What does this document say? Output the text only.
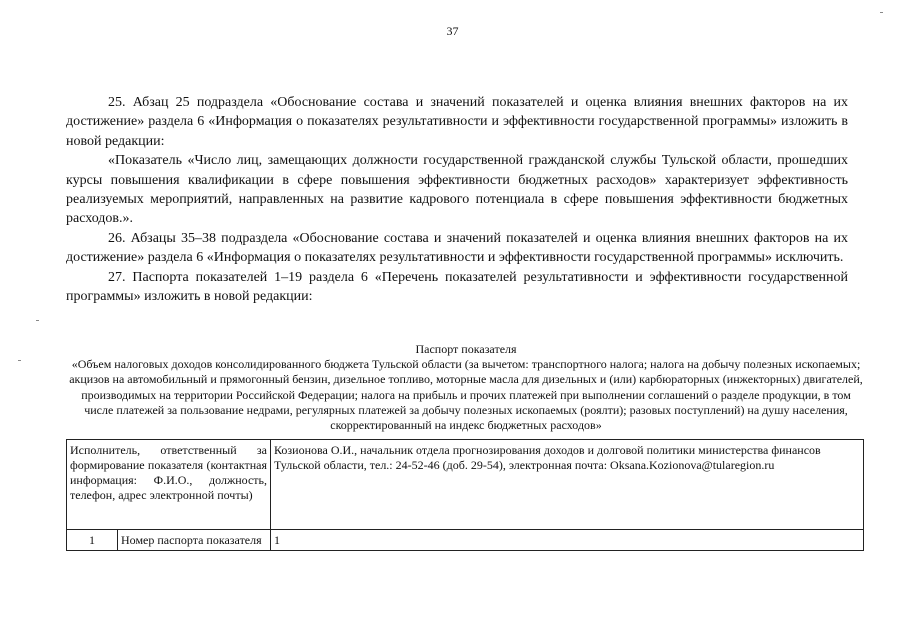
37

25. Абзац 25 подраздела «Обоснование состава и значений показателей и оценка влияния внешних факторов на их достижение» раздела 6 «Информация о показателях результативности и эффективности государственной программы» изложить в новой редакции:

«Показатель «Число лиц, замещающих должности государственной гражданской службы Тульской области, прошедших курсы повышения квалификации в сфере повышения эффективности бюджетных расходов» характеризует эффективность реализуемых мероприятий, направленных на развитие кадрового потенциала в сфере повышения эффективности бюджетных расходов.».

26. Абзацы 35–38 подраздела «Обоснование состава и значений показателей и оценка влияния внешних факторов на их достижение» раздела 6 «Информация о показателях результативности и эффективности государственной программы» исключить.

27. Паспорта показателей 1–19 раздела 6 «Перечень показателей результативности и эффективности государственной программы» изложить в новой редакции:

Паспорт показателя
«Объем налоговых доходов консолидированного бюджета Тульской области (за вычетом: транспортного налога; налога на добычу полезных ископаемых; акцизов на автомобильный и прямогонный бензин, дизельное топливо, моторные масла для дизельных и (или) карбюраторных (инжекторных) двигателей, производимых на территории Российской Федерации; налога на прибыль и прочих платежей при выполнении соглашений о разделе продукции, в том числе платежей за пользование недрами, регулярных платежей за добычу полезных ископаемых (роялти); разовых поступлений) на душу населения, скорректированный на индекс бюджетных расходов»
Исполнитель, ответственный за формирование показателя (контактная информация: Ф.И.О., должность, телефон, адрес электронной почты)		Козионова О.И., начальник отдела прогнозирования доходов и долговой политики министерства финансов Тульской области, тел.: 24-52-46 (доб. 29-54), электронная почта: Oksana.Kozionova@tularegion.ru
1	Номер паспорта показателя	1
